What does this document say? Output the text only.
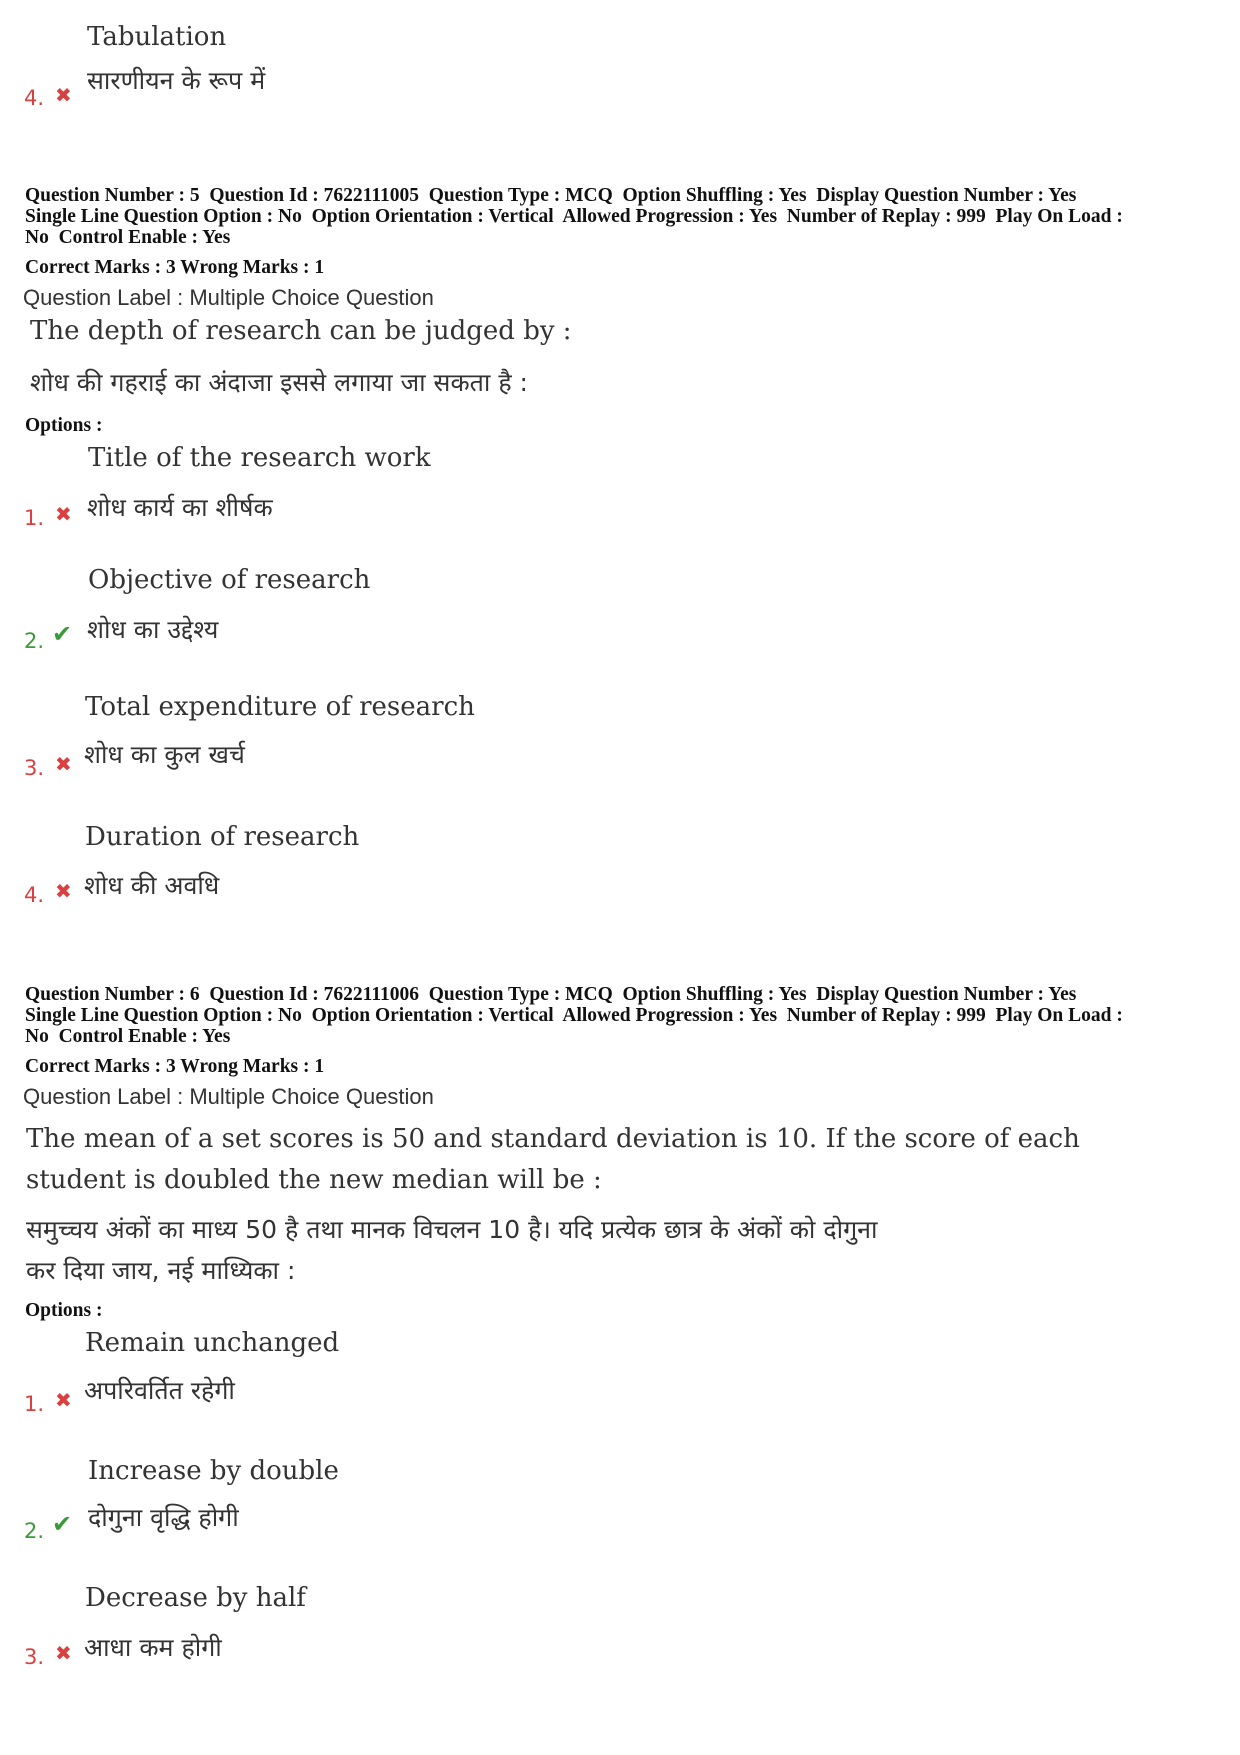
Tabulation
4. ✖ सारणीयन के रूप में
Question Number : 5  Question Id : 7622111005  Question Type : MCQ  Option Shuffling : Yes  Display Question Number : Yes
Single Line Question Option : No  Option Orientation : Vertical  Allowed Progression : Yes  Number of Replay : 999  Play On Load :
No  Control Enable : Yes
Correct Marks : 3 Wrong Marks : 1
Question Label : Multiple Choice Question
The depth of research can be judged by :
शोध की गहराई का अंदाजा इससे लगाया जा सकता है :
Options :
Title of the research work
1. ✖ शोध कार्य का शीर्षक
Objective of research
2. ✔ शोध का उद्देश्य
Total expenditure of research
3. ✖ शोध का कुल खर्च
Duration of research
4. ✖ शोध की अवधि
Question Number : 6  Question Id : 7622111006  Question Type : MCQ  Option Shuffling : Yes  Display Question Number : Yes
Single Line Question Option : No  Option Orientation : Vertical  Allowed Progression : Yes  Number of Replay : 999  Play On Load :
No  Control Enable : Yes
Correct Marks : 3 Wrong Marks : 1
Question Label : Multiple Choice Question
The mean of a set scores is 50 and standard deviation is 10. If the score of each
student is doubled the new median will be :
समुच्चय अंकों का माध्य 50 है तथा मानक विचलन 10 है। यदि प्रत्येक छात्र के अंकों को दोगुना
कर दिया जाय, नई माध्यिका :
Options :
Remain unchanged
1. ✖ अपरिवर्तित रहेगी
Increase by double
2. ✔ दोगुना वृद्धि होगी
Decrease by half
3. ✖ आधा कम होगी
